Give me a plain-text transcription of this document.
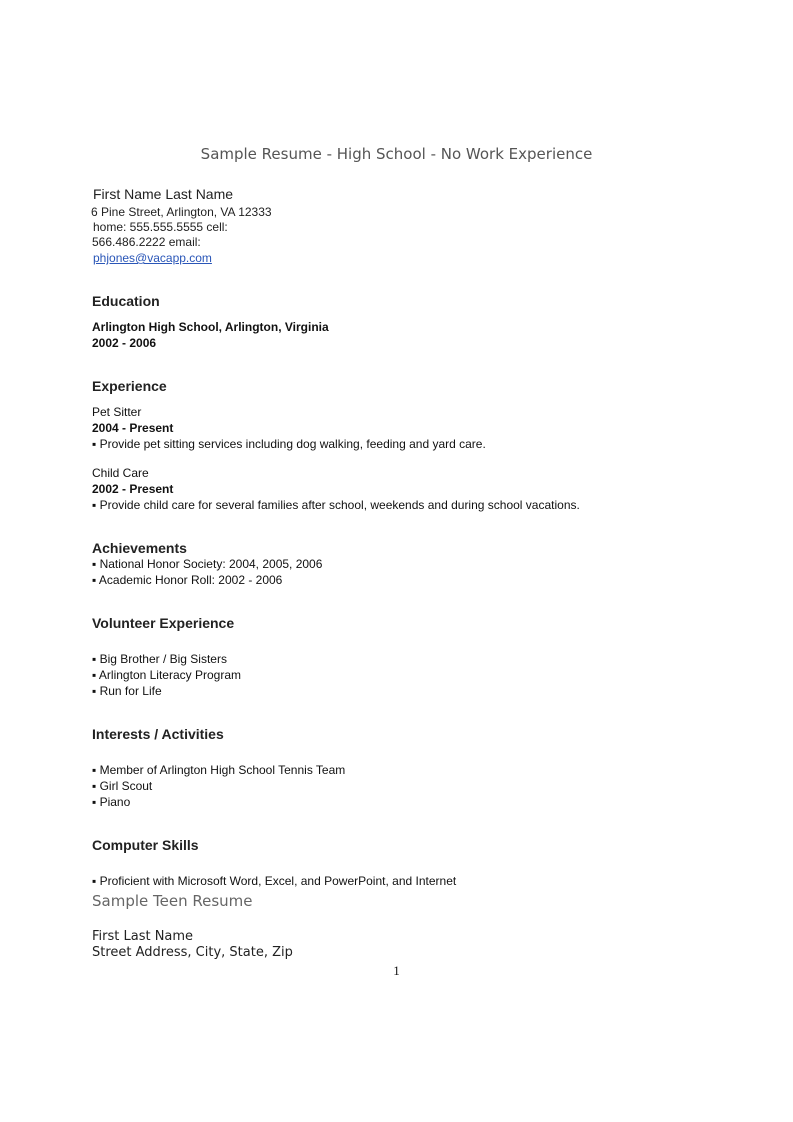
Sample Resume - High School - No Work Experience
First Name Last Name
6 Pine Street, Arlington, VA 12333
home: 555.555.5555 cell:
566.486.2222 email:
phjones@vacapp.com
Education
Arlington High School, Arlington, Virginia
2002 - 2006
Experience
Pet Sitter
2004 - Present
▪ Provide pet sitting services including dog walking, feeding and yard care.
Child Care
2002 - Present
▪ Provide child care for several families after school, weekends and during school vacations.
Achievements
▪ National Honor Society: 2004, 2005, 2006
▪ Academic Honor Roll: 2002 - 2006
Volunteer Experience
▪ Big Brother / Big Sisters
▪ Arlington Literacy Program
▪ Run for Life
Interests / Activities
▪ Member of Arlington High School Tennis Team
▪ Girl Scout
▪ Piano
Computer Skills
▪ Proficient with Microsoft Word, Excel, and PowerPoint, and Internet
Sample Teen Resume
First Last Name
Street Address, City, State, Zip
1
